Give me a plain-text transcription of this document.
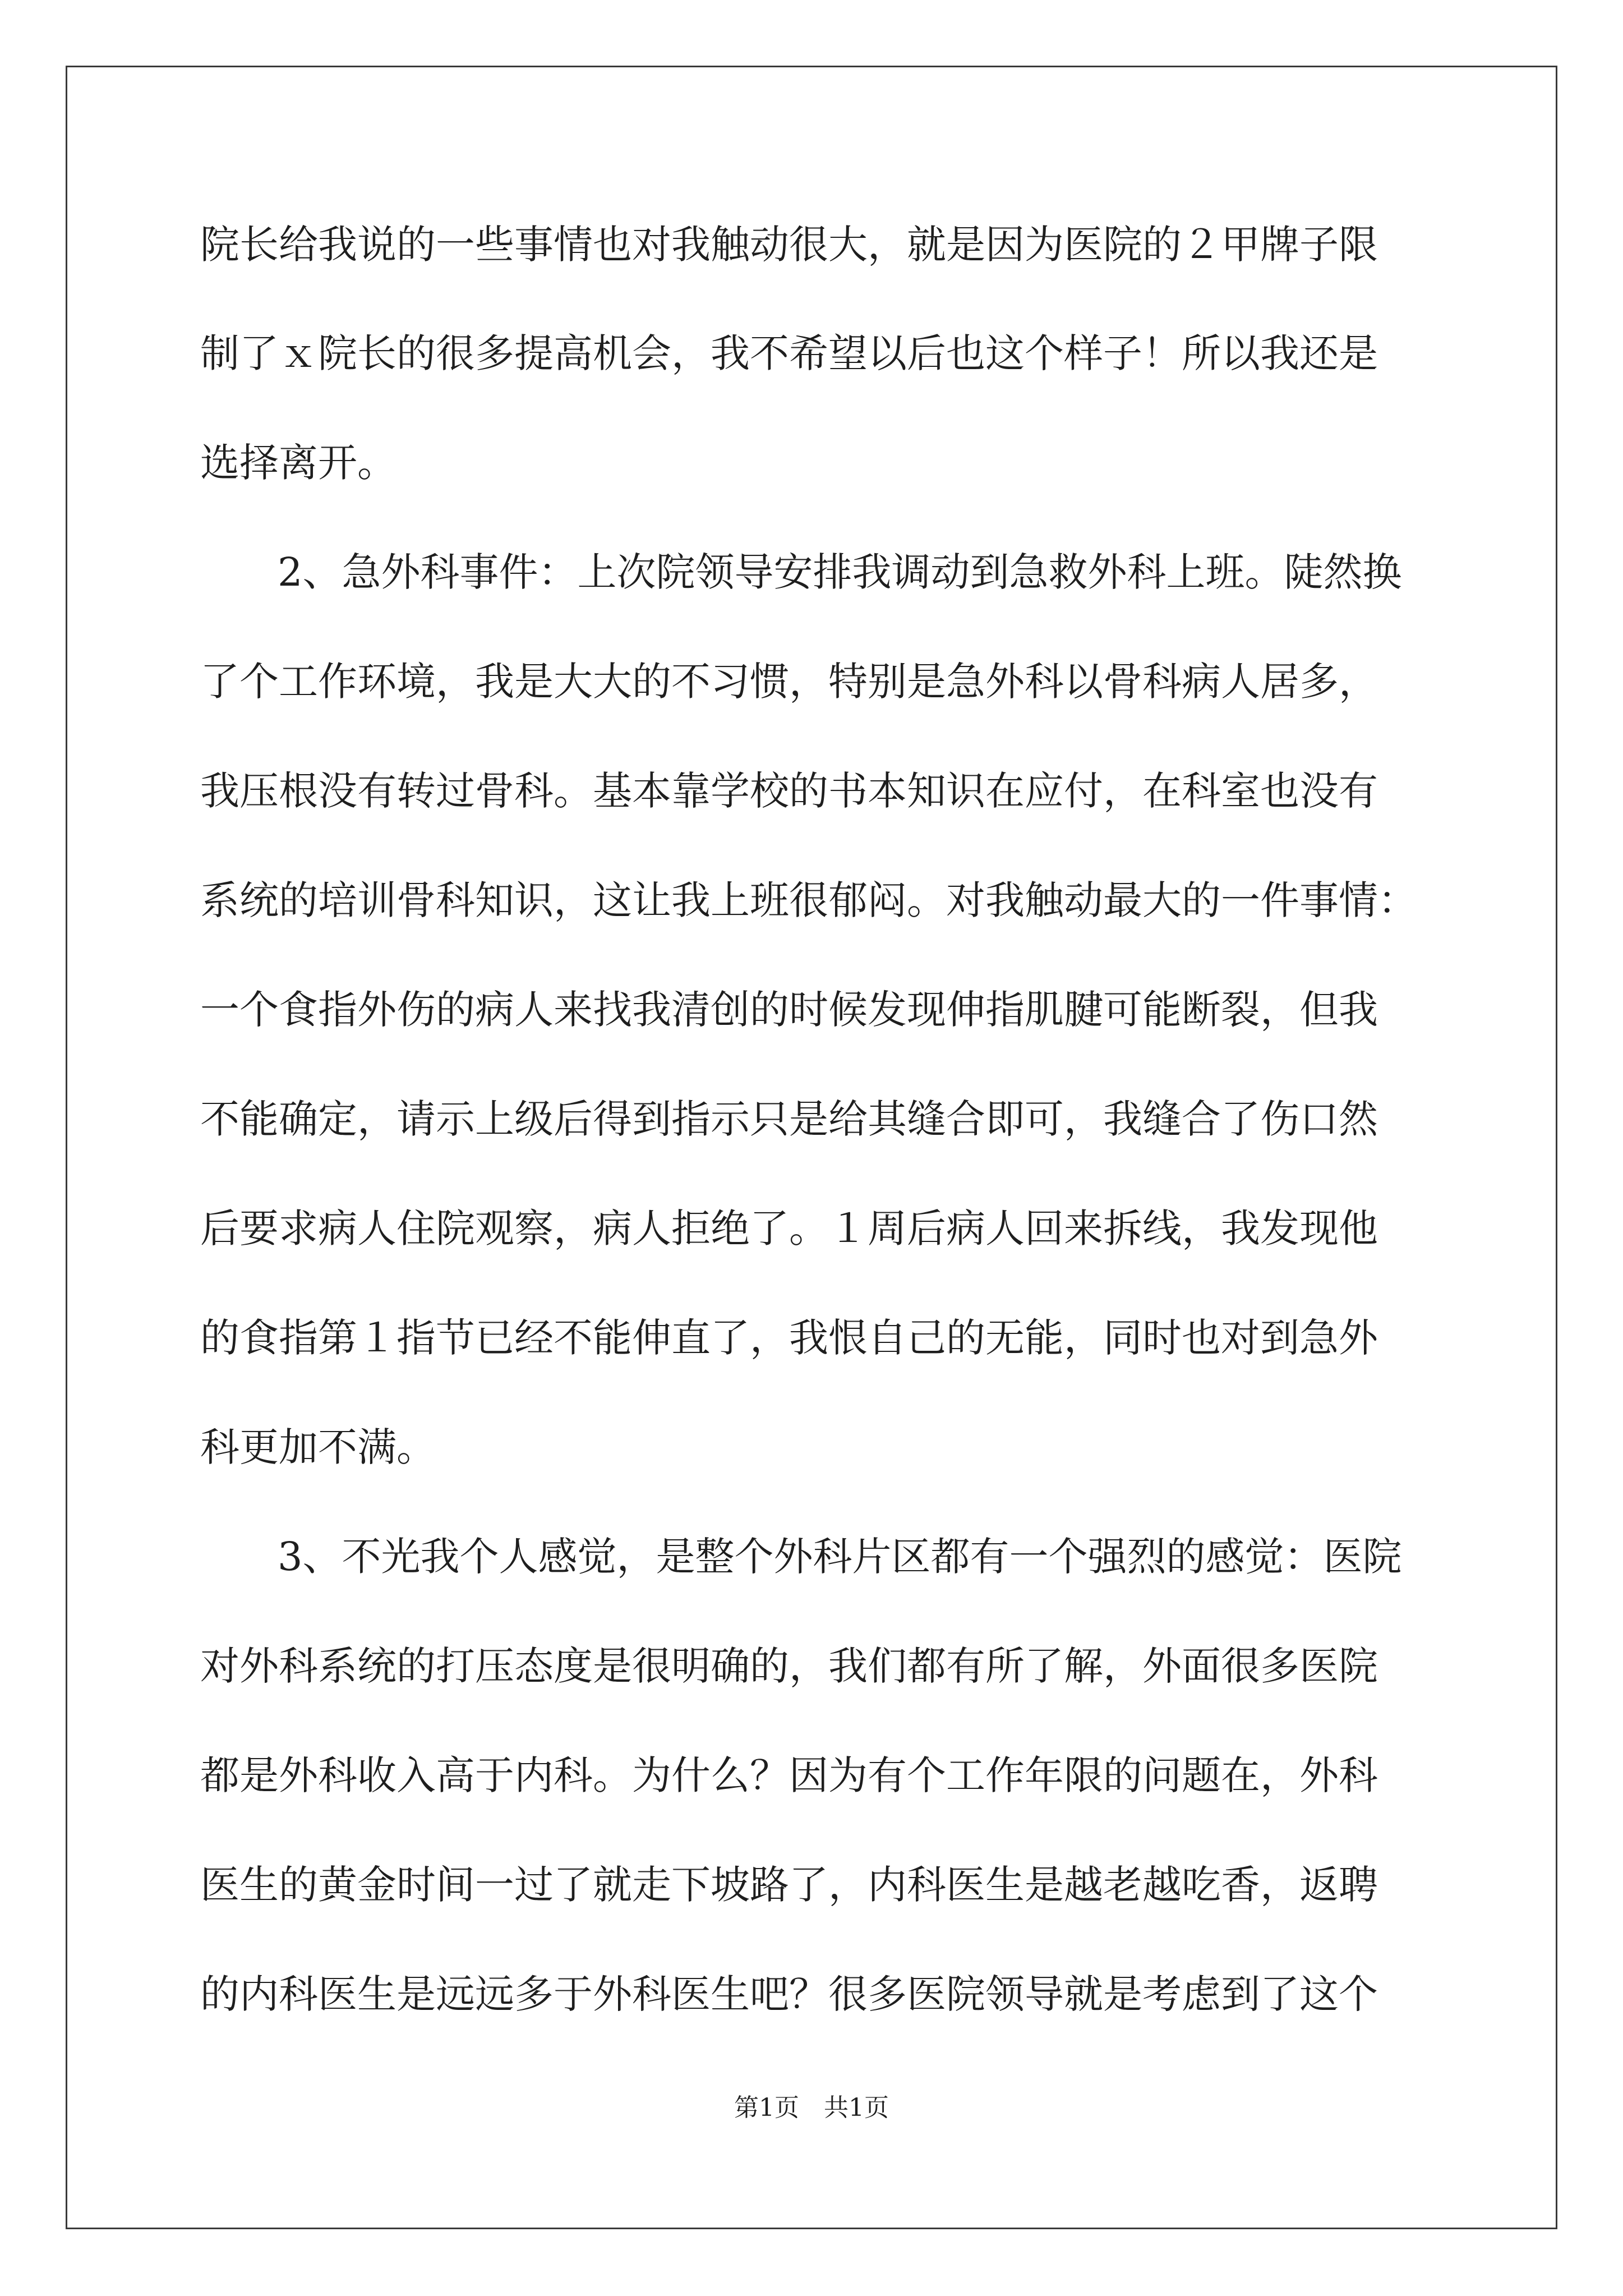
院长给我说的一些事情也对我触动很大，就是因为医院的２甲牌子限

制了ｘ院长的很多提高机会，我不希望以后也这个样子！所以我还是

选择离开。

2、急外科事件：上次院领导安排我调动到急救外科上班。陡然换

了个工作环境，我是大大的不习惯，特别是急外科以骨科病人居多，

我压根没有转过骨科。基本靠学校的书本知识在应付，在科室也没有

系统的培训骨科知识，这让我上班很郁闷。对我触动最大的一件事情：

一个食指外伤的病人来找我清创的时候发现伸指肌腱可能断裂，但我

不能确定，请示上级后得到指示只是给其缝合即可，我缝合了伤口然

后要求病人住院观察，病人拒绝了。１周后病人回来拆线，我发现他

的食指第１指节已经不能伸直了，我恨自己的无能，同时也对到急外

科更加不满。

3、不光我个人感觉，是整个外科片区都有一个强烈的感觉：医院

对外科系统的打压态度是很明确的，我们都有所了解，外面很多医院

都是外科收入高于内科。为什么？因为有个工作年限的问题在，外科

医生的黄金时间一过了就走下坡路了，内科医生是越老越吃香，返聘

的内科医生是远远多于外科医生吧？很多医院领导就是考虑到了这个

第1页　共1页
